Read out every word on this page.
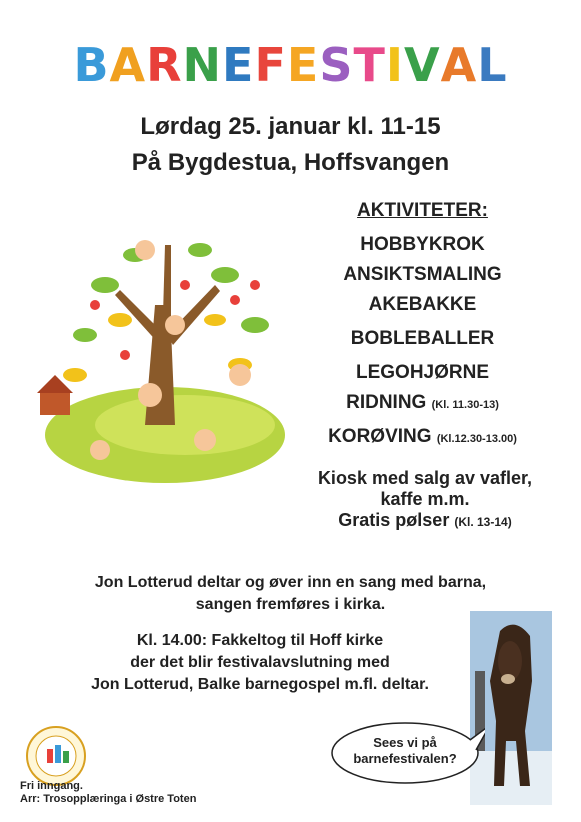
BARNEFESTIVAL
Lørdag 25. januar kl. 11-15
På Bygdestua, Hoffsvangen
AKTIVITETER:
HOBBYKROK
ANSIKTSMALING
AKEBAKKE
BOBLEBALLER
LEGOHJØRNE
RIDNING (Kl. 11.30-13)
KORØVING (Kl.12.30-13.00)
Kiosk med salg av vafler,
kaffe m.m.
Gratis pølser (Kl. 13-14)
Jon Lotterud deltar og øver inn en sang med barna,
sangen fremføres i kirka.
Kl. 14.00: Fakkeltog til Hoff kirke
der det blir festivalavslutning med
Jon Lotterud, Balke barnegospel m.fl. deltar.
Sees vi på
barnefestivalen?
Fri inngang.
Arr: Trosopplæringa i Østre Toten
